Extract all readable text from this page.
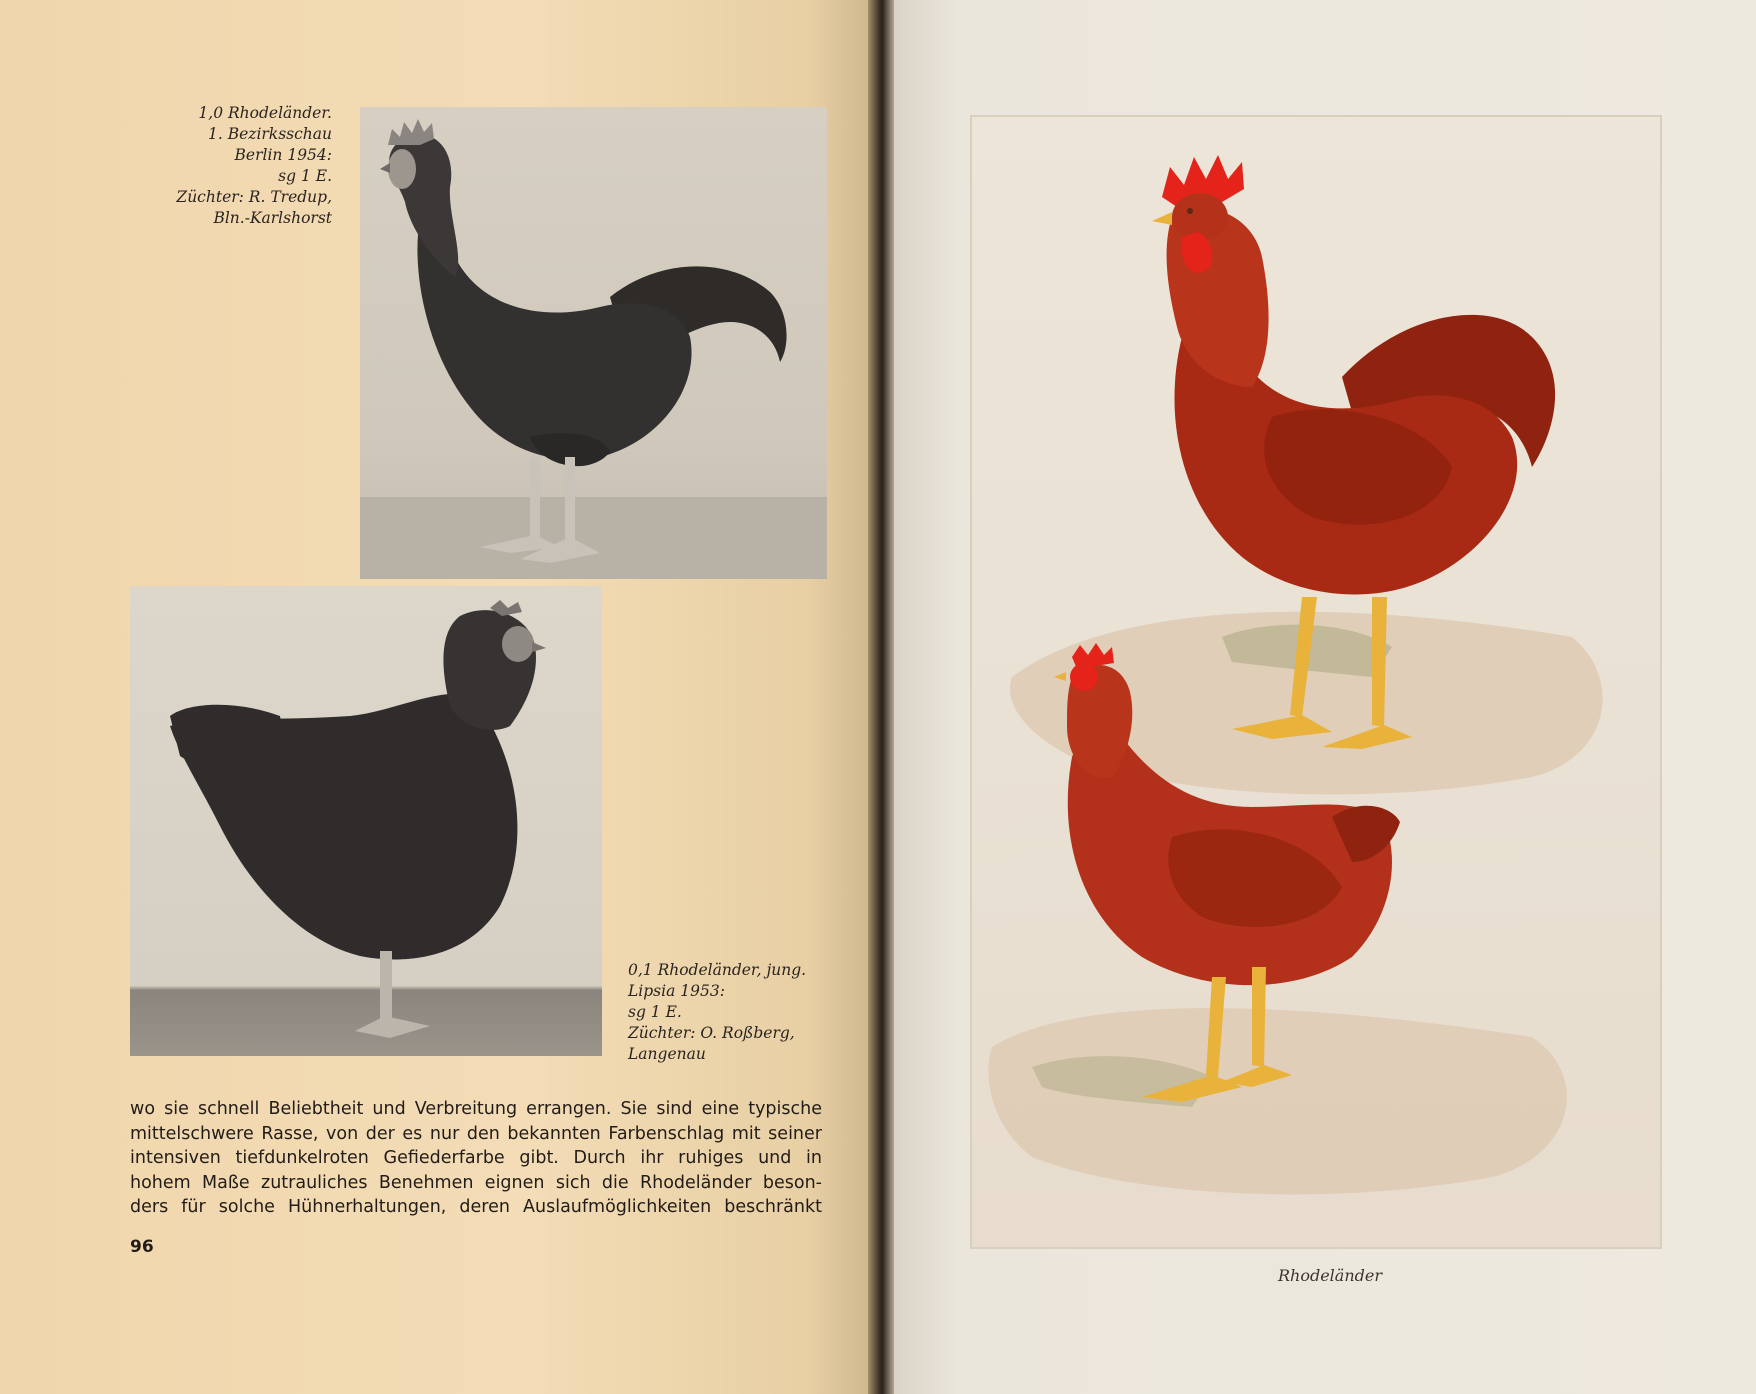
1,0 Rhodeländer.
1. Bezirksschau
Berlin 1954:
sg 1 E.
Züchter: R. Tredup,
Bln.-Karlshorst
0,1 Rhodeländer, jung.
Lipsia 1953:
sg 1 E.
Züchter: O. Roßberg,
Langenau
wo sie schnell Beliebtheit und Verbreitung errangen. Sie sind eine typische
mittelschwere Rasse, von der es nur den bekannten Farbenschlag mit seiner
intensiven tiefdunkelroten Gefiederfarbe gibt. Durch ihr ruhiges und in
hohem Maße zutrauliches Benehmen eignen sich die Rhodeländer beson-
ders für solche Hühnerhaltungen, deren Auslaufmöglichkeiten beschränkt
96
Rhodeländer
